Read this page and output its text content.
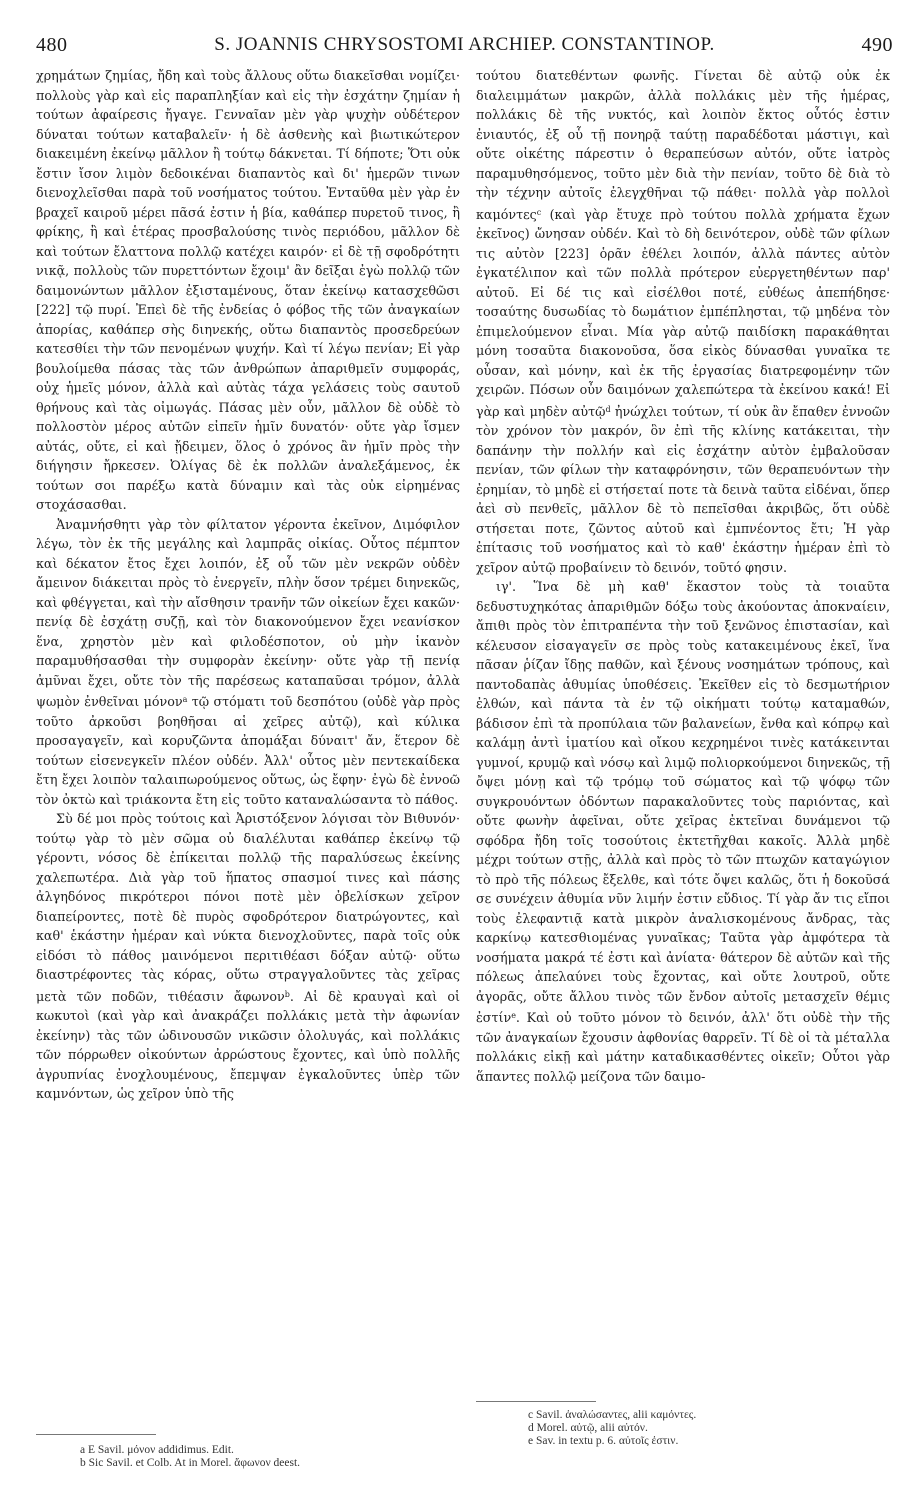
480	S. JOANNIS CHRYSOSTOMI ARCHIEP. CONSTANTINOP.	490

χρημάτων ζημίας, ἤδη καὶ τοὺς ἄλλους οὕτω διακεῖσθαι νομίζει· πολλοὺς γὰρ καὶ εἰς παραπληξίαν καὶ εἰς τὴν ἐσχάτην ζημίαν ἡ τούτων ἀφαίρεσις ἤγαγε. Γενναῖαν μὲν γὰρ ψυχὴν οὐδέτερον δύναται τούτων καταβαλεῖν· ἡ δὲ ἀσθενὴς καὶ βιωτικώτερον διακειμένη ἐκείνῳ μᾶλλον ἢ τούτῳ δάκνεται. Τί δήποτε; Ὅτι οὐκ ἔστιν ἴσον λιμὸν δεδοικέναι διαπαντὸς καὶ δι' ἡμερῶν τινων διενοχλεῖσθαι παρὰ τοῦ νοσήματος τούτου. Ἐνταῦθα μὲν γὰρ ἐν βραχεῖ καιροῦ μέρει πᾶσά ἐστιν ἡ βία, καθάπερ πυρετοῦ τινος, ἢ φρίκης, ἢ καὶ ἑτέρας προσβαλούσης τινὸς περιόδου, μᾶλλον δὲ καὶ τούτων ἔλαττονα πολλῷ κατέχει καιρόν· εἰ δὲ τῇ σφοδρότητι νικᾷ, πολλοὺς τῶν πυρεττόντων ἔχοιμ' ἂν δεῖξαι ἐγὼ πολλῷ τῶν δαιμονώντων μᾶλλον ἐξισταμένους, ὅταν ἐκείνῳ κατασχεθῶσι [222] τῷ πυρί. Ἐπεὶ δὲ τῆς ἐνδείας ὁ φόβος τῆς τῶν ἀναγκαίων ἀπορίας, καθάπερ σὴς διηνεκής, οὕτω διαπαντὸς προσεδρεύων κατεσθίει τὴν τῶν πενομένων ψυχήν. Καὶ τί λέγω πενίαν; Εἰ γὰρ βουλοίμεθα πάσας τὰς τῶν ἀνθρώπων ἀπαριθμεῖν συμφοράς, οὐχ ἡμεῖς μόνον, ἀλλὰ καὶ αὐτὰς τάχα γελάσεις τοὺς σαυτοῦ θρήνους καὶ τὰς οἰμωγάς. Πάσας μὲν οὖν, μᾶλλον δὲ οὐδὲ τὸ πολλοστὸν μέρος αὐτῶν εἰπεῖν ἡμῖν δυνατόν· οὔτε γὰρ ἴσμεν αὐτάς, οὔτε, εἰ καὶ ᾔδειμεν, ὅλος ὁ χρόνος ἂν ἡμῖν πρὸς τὴν διήγησιν ἤρκεσεν. Ὀλίγας δὲ ἐκ πολλῶν ἀναλεξάμενος, ἐκ τούτων σοι παρέξω κατὰ δύναμιν καὶ τὰς οὐκ εἰρημένας στοχάσασθαι.

Ἀναμνήσθητι γὰρ τὸν φίλτατον γέροντα ἐκεῖνον, Διμόφιλον λέγω, τὸν ἐκ τῆς μεγάλης καὶ λαμπρᾶς οἰκίας. Οὗτος πέμπτον καὶ δέκατον ἔτος ἔχει λοιπόν, ἐξ οὗ τῶν μὲν νεκρῶν οὐδὲν ἄμεινον διάκειται πρὸς τὸ ἐνεργεῖν, πλὴν ὅσον τρέμει διηνεκῶς, καὶ φθέγγεται, καὶ τὴν αἴσθησιν τρανῆν τῶν οἰκείων ἔχει κακῶν· πενίᾳ δὲ ἐσχάτῃ συζῇ, καὶ τὸν διακονούμενον ἔχει νεανίσκον ἕνα, χρηστὸν μὲν καὶ φιλοδέσποτον, οὐ μὴν ἱκανὸν παραμυθήσασθαι τὴν συμφορὰν ἐκείνην· οὔτε γὰρ τῇ πενίᾳ ἀμῦναι ἔχει, οὔτε τὸν τῆς παρέσεως καταπαῦσαι τρόμον, ἀλλὰ ψωμὸν ἐνθεῖναι μόνον$^a$ τῷ στόματι τοῦ δεσπότου (οὐδὲ γὰρ πρὸς τοῦτο ἀρκοῦσι βοηθῆσαι αἱ χεῖρες αὐτῷ), καὶ κύλικα προσαγαγεῖν, καὶ κορυζῶντα ἀπομάξαι δύναιτ' ἄν, ἕτερον δὲ τούτων εἰσενεγκεῖν πλέον οὐδέν. Ἀλλ' οὗτος μὲν πεντεκαίδεκα ἔτη ἔχει λοιπὸν ταλαιπωρούμενος οὕτως, ὡς ἔφην· ἐγὼ δὲ ἐννοῶ τὸν ὀκτὼ καὶ τριάκοντα ἔτη εἰς τοῦτο καταναλώσαντα τὸ πάθος.

Σὺ δέ μοι πρὸς τούτοις καὶ Ἀριστόξενον λόγισαι τὸν Βιθυνόν· τούτῳ γὰρ τὸ μὲν σῶμα οὐ διαλέλυται καθάπερ ἐκείνῳ τῷ γέροντι, νόσος δὲ ἐπίκειται πολλῷ τῆς παραλύσεως ἐκείνης χαλεπωτέρα. Διὰ γὰρ τοῦ ἥπατος σπασμοί τινες καὶ πάσης ἀλγηδόνος πικρότεροι πόνοι ποτὲ μὲν ὀβελίσκων χεῖρον διαπείροντες, ποτὲ δὲ πυρὸς σφοδρότερον διατρώγοντες, καὶ καθ' ἑκάστην ἡμέραν καὶ νύκτα διενοχλοῦντες, παρὰ τοῖς οὐκ εἰδόσι τὸ πάθος μαινόμενοι περιτιθέασι δόξαν αὐτῷ· οὕτω διαστρέφοντες τὰς κόρας, οὕτω στραγγαλοῦντες τὰς χεῖρας μετὰ τῶν ποδῶν, τιθέασιν ἄφωνον$^b$. Αἱ δὲ κραυγαὶ καὶ οἱ κωκυτοὶ (καὶ γὰρ καὶ ἀνακράζει πολλάκις μετὰ τὴν ἀφωνίαν ἐκείνην) τὰς τῶν ὠδινουσῶν νικῶσιν ὀλολυγάς, καὶ πολλάκις τῶν πόρρωθεν οἰκούντων ἀρρώστους ἔχοντες, καὶ ὑπὸ πολλῆς ἀγρυπνίας ἐνοχλουμένους, ἔπεμψαν ἐγκαλοῦντες ὑπὲρ τῶν καμνόντων, ὡς χεῖρον ὑπὸ τῆς

τούτου διατεθέντων φωνῆς. Γίνεται δὲ αὐτῷ οὐκ ἐκ διαλειμμάτων μακρῶν, ἀλλὰ πολλάκις μὲν τῆς ἡμέρας, πολλάκις δὲ τῆς νυκτός, καὶ λοιπὸν ἔκτος οὗτός ἐστιν ἐνιαυτός, ἐξ οὗ τῇ πονηρᾷ ταύτῃ παραδέδοται μάστιγι, καὶ οὔτε οἰκέτης πάρεστιν ὁ θεραπεύσων αὐτόν, οὔτε ἰατρὸς παραμυθησόμενος, τοῦτο μὲν διὰ τὴν πενίαν, τοῦτο δὲ διὰ τὸ τὴν τέχνην αὐτοῖς ἐλεγχθῆναι τῷ πάθει· πολλὰ γὰρ πολλοὶ καμόντες$^c$ (καὶ γὰρ ἔτυχε πρὸ τούτου πολλὰ χρήματα ἔχων ἐκεῖνος) ὤνησαν οὐδέν. Καὶ τὸ δὴ δεινότερον, οὐδὲ τῶν φίλων τις αὐτὸν [223] ὁρᾶν ἐθέλει λοιπόν, ἀλλὰ πάντες αὐτὸν ἐγκατέλιπον καὶ τῶν πολλὰ πρότερον εὐεργετηθέντων παρ' αὐτοῦ. Εἰ δέ τις καὶ εἰσέλθοι ποτέ, εὐθέως ἀπεπήδησε· τοσαύτης δυσωδίας τὸ δωμάτιον ἐμπέπλησται, τῷ μηδένα τὸν ἐπιμελούμενον εἶναι. Μία γὰρ αὐτῷ παιδίσκη παρακάθηται μόνη τοσαῦτα διακονοῦσα, ὅσα εἰκὸς δύνασθαι γυναῖκα τε οὖσαν, καὶ μόνην, καὶ ἐκ τῆς ἐργασίας διατρεφομένην τῶν χειρῶν. Πόσων οὖν δαιμόνων χαλεπώτερα τὰ ἐκείνου κακά! Εἰ γὰρ καὶ μηδὲν αὐτῷ$^d$ ἠνώχλει τούτων, τί οὐκ ἂν ἔπαθεν ἐννοῶν τὸν χρόνον τὸν μακρόν, ὃν ἐπὶ τῆς κλίνης κατάκειται, τὴν δαπάνην τὴν πολλήν καὶ εἰς ἐσχάτην αὐτὸν ἐμβαλοῦσαν πενίαν, τῶν φίλων τὴν καταφρόνησιν, τῶν θεραπευόντων τὴν ἐρημίαν, τὸ μηδὲ εἰ στήσεταί ποτε τὰ δεινὰ ταῦτα εἰδέναι, ὅπερ ἀεὶ σὺ πενθεῖς, μᾶλλον δὲ τὸ πεπεῖσθαι ἀκριβῶς, ὅτι οὐδὲ στήσεται ποτε, ζῶντος αὐτοῦ καὶ ἐμπνέοντος ἔτι; Ἡ γὰρ ἐπίτασις τοῦ νοσήματος καὶ τὸ καθ' ἑκάστην ἡμέραν ἐπὶ τὸ χεῖρον αὐτῷ προβαίνειν τὸ δεινόν, τοῦτό φησιν.

ιγ'. Ἵνα δὲ μὴ καθ' ἕκαστον τοὺς τὰ τοιαῦτα δεδυστυχηκότας ἀπαριθμῶν δόξω τοὺς ἀκούοντας ἀποκναίειν, ἄπιθι πρὸς τὸν ἐπιτραπέντα τὴν τοῦ ξενῶνος ἐπιστασίαν, καὶ κέλευσον εἰσαγαγεῖν σε πρὸς τοὺς κατακειμένους ἐκεῖ, ἵνα πᾶσαν ῥίζαν ἴδῃς παθῶν, καὶ ξένους νοσημάτων τρόπους, καὶ παντοδαπὰς ἀθυμίας ὑποθέσεις. Ἐκεῖθεν εἰς τὸ δεσμωτήριον ἐλθών, καὶ πάντα τὰ ἐν τῷ οἰκήματι τούτῳ καταμαθών, βάδισον ἐπὶ τὰ προπύλαια τῶν βαλανείων, ἔνθα καὶ κόπρῳ καὶ καλάμῃ ἀντὶ ἱματίου καὶ οἴκου κεχρημένοι τινὲς κατάκεινται γυμνοί, κρυμῷ καὶ νόσῳ καὶ λιμῷ πολιορκούμενοι διηνεκῶς, τῇ ὄψει μόνῃ καὶ τῷ τρόμῳ τοῦ σώματος καὶ τῷ ψόφῳ τῶν συγκρουόντων ὀδόντων παρακαλοῦντες τοὺς παριόντας, καὶ οὔτε φωνὴν ἀφεῖναι, οὔτε χεῖρας ἐκτεῖναι δυνάμενοι τῷ σφόδρα ἤδη τοῖς τοσούτοις ἐκτετῆχθαι κακοῖς. Ἀλλὰ μηδὲ μέχρι τούτων στῇς, ἀλλὰ καὶ πρὸς τὸ τῶν πτωχῶν καταγώγιον τὸ πρὸ τῆς πόλεως ἔξελθε, καὶ τότε ὄψει καλῶς, ὅτι ἡ δοκοῦσά σε συνέχειν ἀθυμία νῦν λιμήν ἐστιν εὔδιος. Τί γὰρ ἄν τις εἴποι τοὺς ἐλεφαντιᾷ κατὰ μικρὸν ἀναλισκομένους ἄνδρας, τὰς καρκίνῳ κατεσθιομένας γυναῖκας; Ταῦτα γὰρ ἀμφότερα τὰ νοσήματα μακρά τέ ἐστι καὶ ἀνίατα· θάτερον δὲ αὐτῶν καὶ τῆς πόλεως ἀπελαύνει τοὺς ἔχοντας, καὶ οὔτε λουτροῦ, οὔτε ἀγορᾶς, οὔτε ἄλλου τινὸς τῶν ἔνδον αὐτοῖς μετασχεῖν θέμις ἐστίν$^e$. Καὶ οὐ τοῦτο μόνον τὸ δεινόν, ἀλλ' ὅτι οὐδὲ τὴν τῆς τῶν ἀναγκαίων ἔχουσιν ἀφθονίας θαρρεῖν. Τί δὲ οἱ τὰ μέταλλα πολλάκις εἰκῇ καὶ μάτην καταδικασθέντες οἰκεῖν; Οὗτοι γὰρ ἅπαντες πολλῷ μείζονα τῶν δαιμο-

a E Savil. μόνον addidimus. Edit.
b Sic Savil. et Colb. At in Morel. ἄφωνον deest.
c Savil. ἀναλώσαντες, alii καμόντες.
d Morel. αὐτῷ, alii αὐτόν.
e Sav. in textu p. 6. αὐτοῖς ἐστιν.
